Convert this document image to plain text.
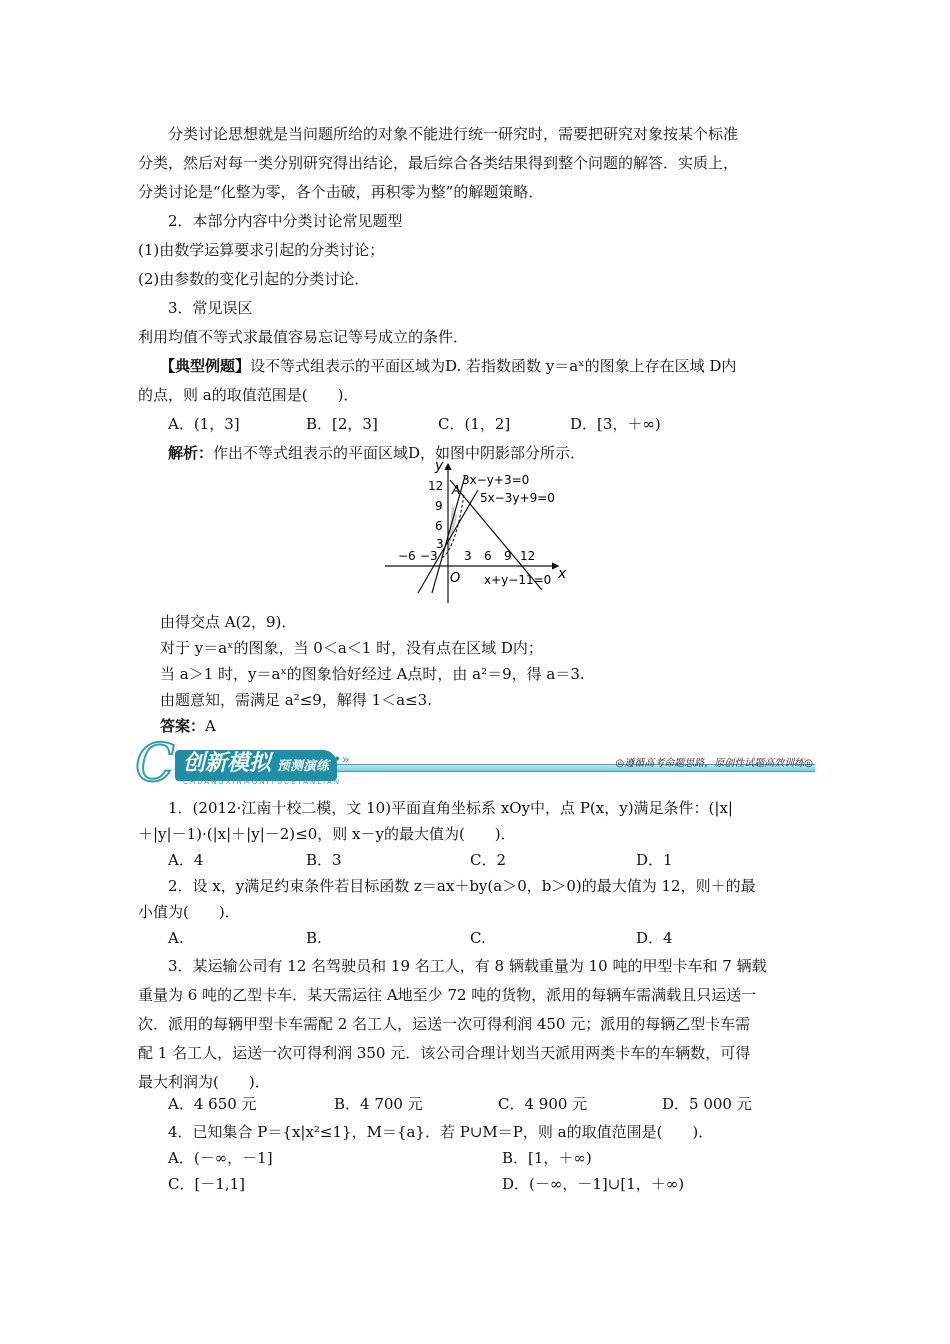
分类讨论思想就是当问题所给的对象不能进行统一研究时，需要把研究对象按某个标准
分类，然后对每一类分别研究得出结论，最后综合各类结果得到整个问题的解答．实质上，
分类讨论是“化整为零，各个击破，再积零为整”的解题策略．
2．本部分内容中分类讨论常见题型
(1)由数学运算要求引起的分类讨论；
(2)由参数的变化引起的分类讨论．
3．常见误区
利用均值不等式求最值容易忘记等号成立的条件．
【典型例题】设不等式组表示的平面区域为D. 若指数函数 y＝aˣ的图象上存在区域 D内
的点，则 a的取值范围是(　　)．
A．(1，3]	B．[2，3]	C．(1，2]	D．[3，＋∞)
解析：作出不等式组表示的平面区域D，如图中阴影部分所示．
y
x
O
A
12
9
6
3
−6 −3 3 6 9 12
3x−y+3=0
5x−3y+9=0
x+y−11=0
由得交点 A(2，9)．
对于 y＝aˣ的图象，当 0＜a＜1 时，没有点在区域 D内；
当 a＞1 时，y＝aˣ的图象恰好经过 A点时，由 a²＝9，得 a＝3.
由题意知，需满足 a²≤9，解得 1＜a≤3.
答案：A
C 创新模拟 预测演练 •»
CHUANGXINMONIYUCEYANLIAN
◎遵循高考命题思路，原创性试题高效训练◎
1．(2012·江南十校二模，文 10)平面直角坐标系 xOy中，点 P(x，y)满足条件：(|x|
＋|y|－1)·(|x|＋|y|－2)≤0，则 x－y的最大值为(　　)．
A．4	B．3	C．2	D．1
2．设 x，y满足约束条件若目标函数 z＝ax＋by(a＞0，b＞0)的最大值为 12，则＋的最
小值为(　　)．
A.	B.	C.	D．4
3．某运输公司有 12 名驾驶员和 19 名工人，有 8 辆载重量为 10 吨的甲型卡车和 7 辆载
重量为 6 吨的乙型卡车．某天需运往 A地至少 72 吨的货物，派用的每辆车需满载且只运送一
次．派用的每辆甲型卡车需配 2 名工人，运送一次可得利润 450 元；派用的每辆乙型卡车需
配 1 名工人，运送一次可得利润 350 元．该公司合理计划当天派用两类卡车的车辆数，可得
最大利润为(　　)．
A．4 650 元	B．4 700 元	C．4 900 元	D．5 000 元
4．已知集合 P＝{x|x²≤1}，M＝{a}．若 P∪M＝P，则 a的取值范围是(　　)．
A．(－∞，－1]	B．[1，＋∞)
C．[－1,1]	D．(－∞，－1]∪[1，＋∞)
